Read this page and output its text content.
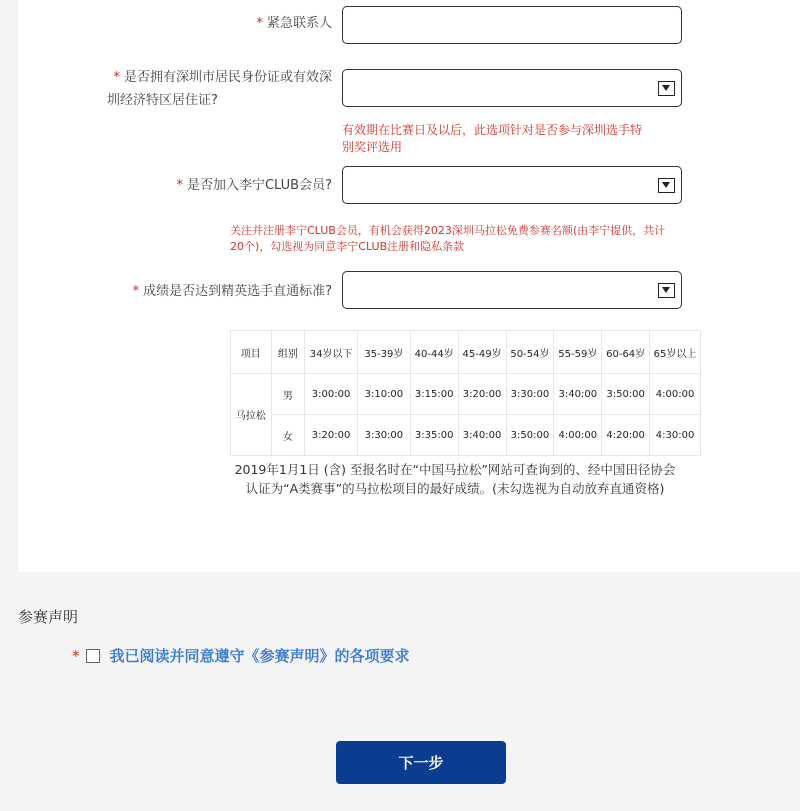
* 紧急联系人
* 是否拥有深圳市居民身份证或有效深
圳经济特区居住证?
有效期在比赛日及以后，此选项针对是否参与深圳选手特
别奖评选用
* 是否加入李宁CLUB会员?
关注并注册李宁CLUB会员，有机会获得2023深圳马拉松免费参赛名额(由李宁提供，共计
20个)，勾选视为同意李宁CLUB注册和隐私条款
* 成绩是否达到精英选手直通标准?
项目	组别	34岁以下	35-39岁	40-44岁	45-49岁	50-54岁	55-59岁	60-64岁	65岁以上
马拉松	男	3:00:00	3:10:00	3:15:00	3:20:00	3:30:00	3:40:00	3:50:00	4:00:00
	女	3:20:00	3:30:00	3:35:00	3:40:00	3:50:00	4:00:00	4:20:00	4:30:00
2019年1月1日 (含) 至报名时在“中国马拉松”网站可查询到的、经中国田径协会
认证为“A类赛事”的马拉松项目的最好成绩。(未勾选视为自动放弃直通资格)
参赛声明
* 我已阅读并同意遵守《参赛声明》的各项要求
下一步
